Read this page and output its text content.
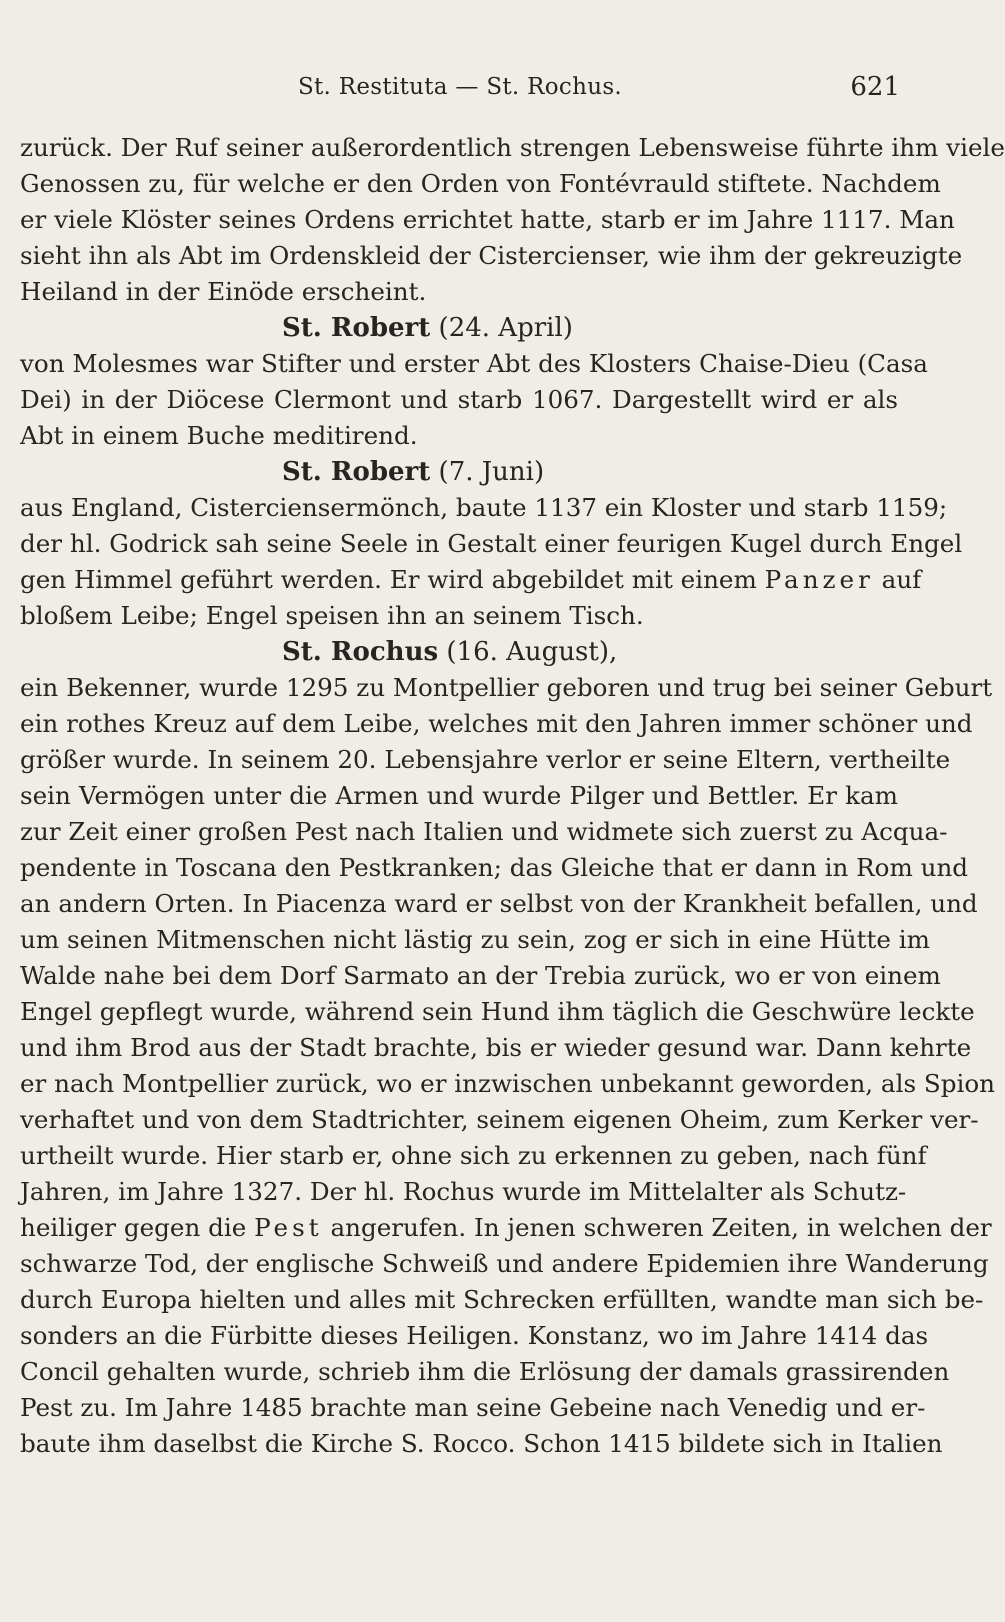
St. Restituta — St. Rochus.	621
zurück. Der Ruf seiner außerordentlich strengen Lebensweise führte ihm viele
Genossen zu, für welche er den Orden von Fontévrauld stiftete. Nachdem
er viele Klöster seines Ordens errichtet hatte, starb er im Jahre 1117. Man
sieht ihn als Abt im Ordenskleid der Cistercienser, wie ihm der gekreuzigte
Heiland in der Einöde erscheint.
St. Robert (24. April)
von Molesmes war Stifter und erster Abt des Klosters Chaise-Dieu (Casa
Dei) in der Diöcese Clermont und starb 1067. Dargestellt wird er als
Abt in einem Buche meditirend.
St. Robert (7. Juni)
aus England, Cisterciensermönch, baute 1137 ein Kloster und starb 1159;
der hl. Godrick sah seine Seele in Gestalt einer feurigen Kugel durch Engel
gen Himmel geführt werden. Er wird abgebildet mit einem Panzer auf
bloßem Leibe; Engel speisen ihn an seinem Tisch.
St. Rochus (16. August),
ein Bekenner, wurde 1295 zu Montpellier geboren und trug bei seiner Geburt
ein rothes Kreuz auf dem Leibe, welches mit den Jahren immer schöner und
größer wurde. In seinem 20. Lebensjahre verlor er seine Eltern, vertheilte
sein Vermögen unter die Armen und wurde Pilger und Bettler. Er kam
zur Zeit einer großen Pest nach Italien und widmete sich zuerst zu Acqua-
pendente in Toscana den Pestkranken; das Gleiche that er dann in Rom und
an andern Orten. In Piacenza ward er selbst von der Krankheit befallen, und
um seinen Mitmenschen nicht lästig zu sein, zog er sich in eine Hütte im
Walde nahe bei dem Dorf Sarmato an der Trebia zurück, wo er von einem
Engel gepflegt wurde, während sein Hund ihm täglich die Geschwüre leckte
und ihm Brod aus der Stadt brachte, bis er wieder gesund war. Dann kehrte
er nach Montpellier zurück, wo er inzwischen unbekannt geworden, als Spion
verhaftet und von dem Stadtrichter, seinem eigenen Oheim, zum Kerker ver-
urtheilt wurde. Hier starb er, ohne sich zu erkennen zu geben, nach fünf
Jahren, im Jahre 1327. Der hl. Rochus wurde im Mittelalter als Schutz-
heiliger gegen die Pest angerufen. In jenen schweren Zeiten, in welchen der
schwarze Tod, der englische Schweiß und andere Epidemien ihre Wanderung
durch Europa hielten und alles mit Schrecken erfüllten, wandte man sich be-
sonders an die Fürbitte dieses Heiligen. Konstanz, wo im Jahre 1414 das
Concil gehalten wurde, schrieb ihm die Erlösung der damals grassirenden
Pest zu. Im Jahre 1485 brachte man seine Gebeine nach Venedig und er-
baute ihm daselbst die Kirche S. Rocco. Schon 1415 bildete sich in Italien
